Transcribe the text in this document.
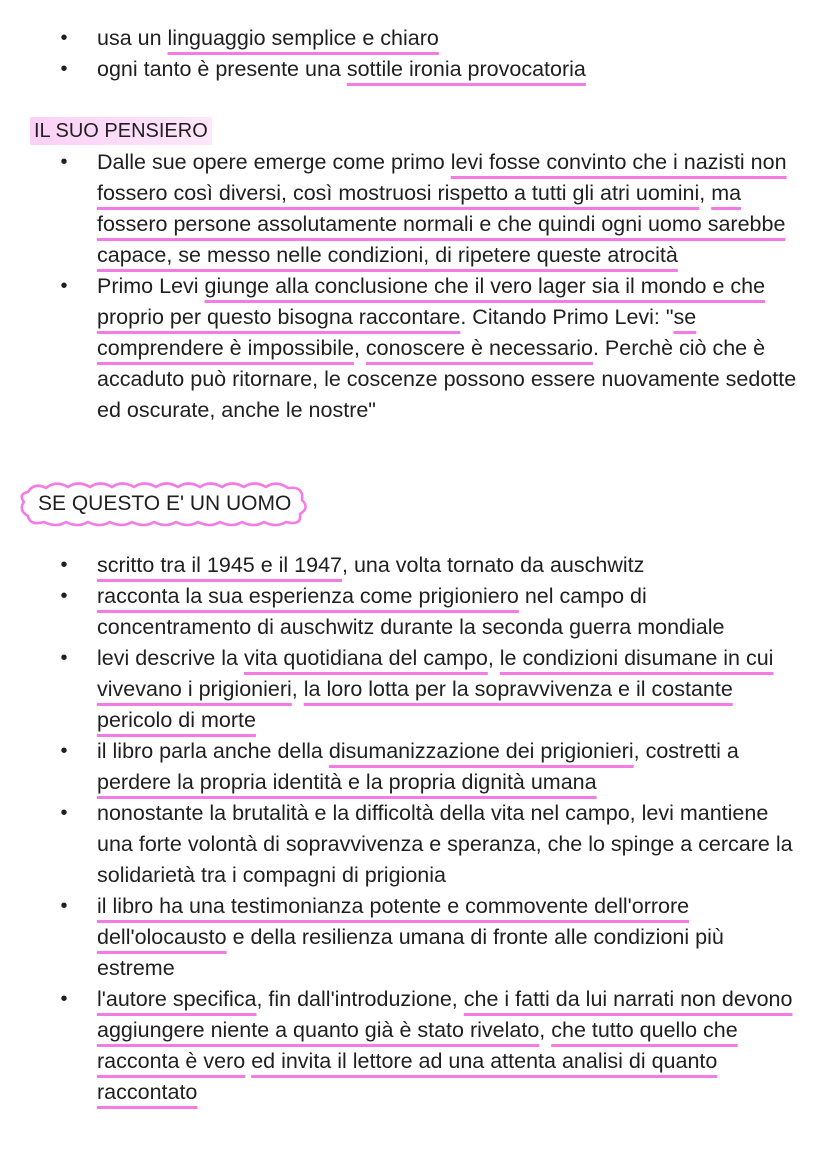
• usa un linguaggio semplice e chiaro
• ogni tanto è presente una sottile ironia provocatoria
IL SUO PENSIERO
• Dalle sue opere emerge come primo levi fosse convinto che i nazisti non fossero così diversi, così mostruosi rispetto a tutti gli atri uomini, ma fossero persone assolutamente normali e che quindi ogni uomo sarebbe capace, se messo nelle condizioni, di ripetere queste atrocità
• Primo Levi giunge alla conclusione che il vero lager sia il mondo e che proprio per questo bisogna raccontare. Citando Primo Levi: "se comprendere è impossibile, conoscere è necessario. Perchè ciò che è accaduto può ritornare, le coscenze possono essere nuovamente sedotte ed oscurate, anche le nostre"
SE QUESTO E' UN UOMO
• scritto tra il 1945 e il 1947, una volta tornato da auschwitz
• racconta la sua esperienza come prigioniero nel campo di concentramento di auschwitz durante la seconda guerra mondiale
• levi descrive la vita quotidiana del campo, le condizioni disumane in cui vivevano i prigionieri, la loro lotta per la sopravvivenza e il costante pericolo di morte
• il libro parla anche della disumanizzazione dei prigionieri, costretti a perdere la propria identità e la propria dignità umana
• nonostante la brutalità e la difficoltà della vita nel campo, levi mantiene una forte volontà di sopravvivenza e speranza, che lo spinge a cercare la solidarietà tra i compagni di prigionia
• il libro ha una testimonianza potente e commovente dell'orrore dell'olocausto e della resilienza umana di fronte alle condizioni più estreme
• l'autore specifica, fin dall'introduzione, che i fatti da lui narrati non devono aggiungere niente a quanto già è stato rivelato, che tutto quello che racconta è vero ed invita il lettore ad una attenta analisi di quanto raccontato
